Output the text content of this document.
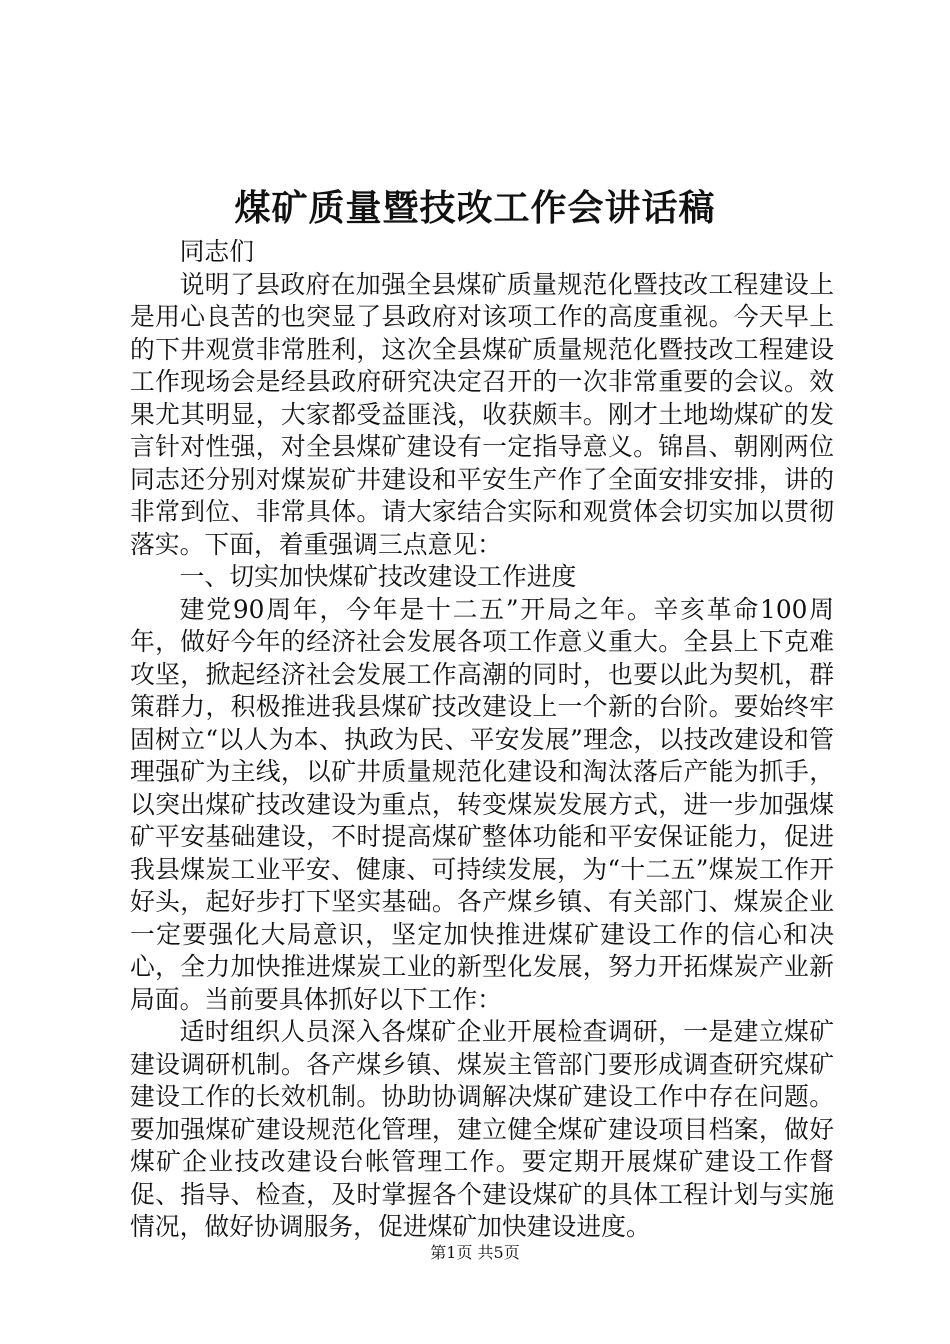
煤矿质量暨技改工作会讲话稿

同志们

说明了县政府在加强全县煤矿质量规范化暨技改工程建设上是用心良苦的也突显了县政府对该项工作的高度重视。今天早上的下井观赏非常胜利，这次全县煤矿质量规范化暨技改工程建设工作现场会是经县政府研究决定召开的一次非常重要的会议。效果尤其明显，大家都受益匪浅，收获颇丰。刚才土地坳煤矿的发言针对性强，对全县煤矿建设有一定指导意义。锦昌、朝刚两位同志还分别对煤炭矿井建设和平安生产作了全面安排安排，讲的非常到位、非常具体。请大家结合实际和观赏体会切实加以贯彻落实。下面，着重强调三点意见：

一、切实加快煤矿技改建设工作进度

建党90周年，今年是十二五”开局之年。辛亥革命100周年，做好今年的经济社会发展各项工作意义重大。全县上下克难攻坚，掀起经济社会发展工作高潮的同时，也要以此为契机，群策群力，积极推进我县煤矿技改建设上一个新的台阶。要始终牢固树立“以人为本、执政为民、平安发展”理念，以技改建设和管理强矿为主线，以矿井质量规范化建设和淘汰落后产能为抓手，以突出煤矿技改建设为重点，转变煤炭发展方式，进一步加强煤矿平安基础建设，不时提高煤矿整体功能和平安保证能力，促进我县煤炭工业平安、健康、可持续发展，为“十二五”煤炭工作开好头，起好步打下坚实基础。各产煤乡镇、有关部门、煤炭企业一定要强化大局意识，坚定加快推进煤矿建设工作的信心和决心，全力加快推进煤炭工业的新型化发展，努力开拓煤炭产业新局面。当前要具体抓好以下工作：

适时组织人员深入各煤矿企业开展检查调研，一是建立煤矿建设调研机制。各产煤乡镇、煤炭主管部门要形成调查研究煤矿建设工作的长效机制。协助协调解决煤矿建设工作中存在问题。要加强煤矿建设规范化管理，建立健全煤矿建设项目档案，做好煤矿企业技改建设台帐管理工作。要定期开展煤矿建设工作督促、指导、检查，及时掌握各个建设煤矿的具体工程计划与实施情况，做好协调服务，促进煤矿加快建设进度。

第1页 共5页
